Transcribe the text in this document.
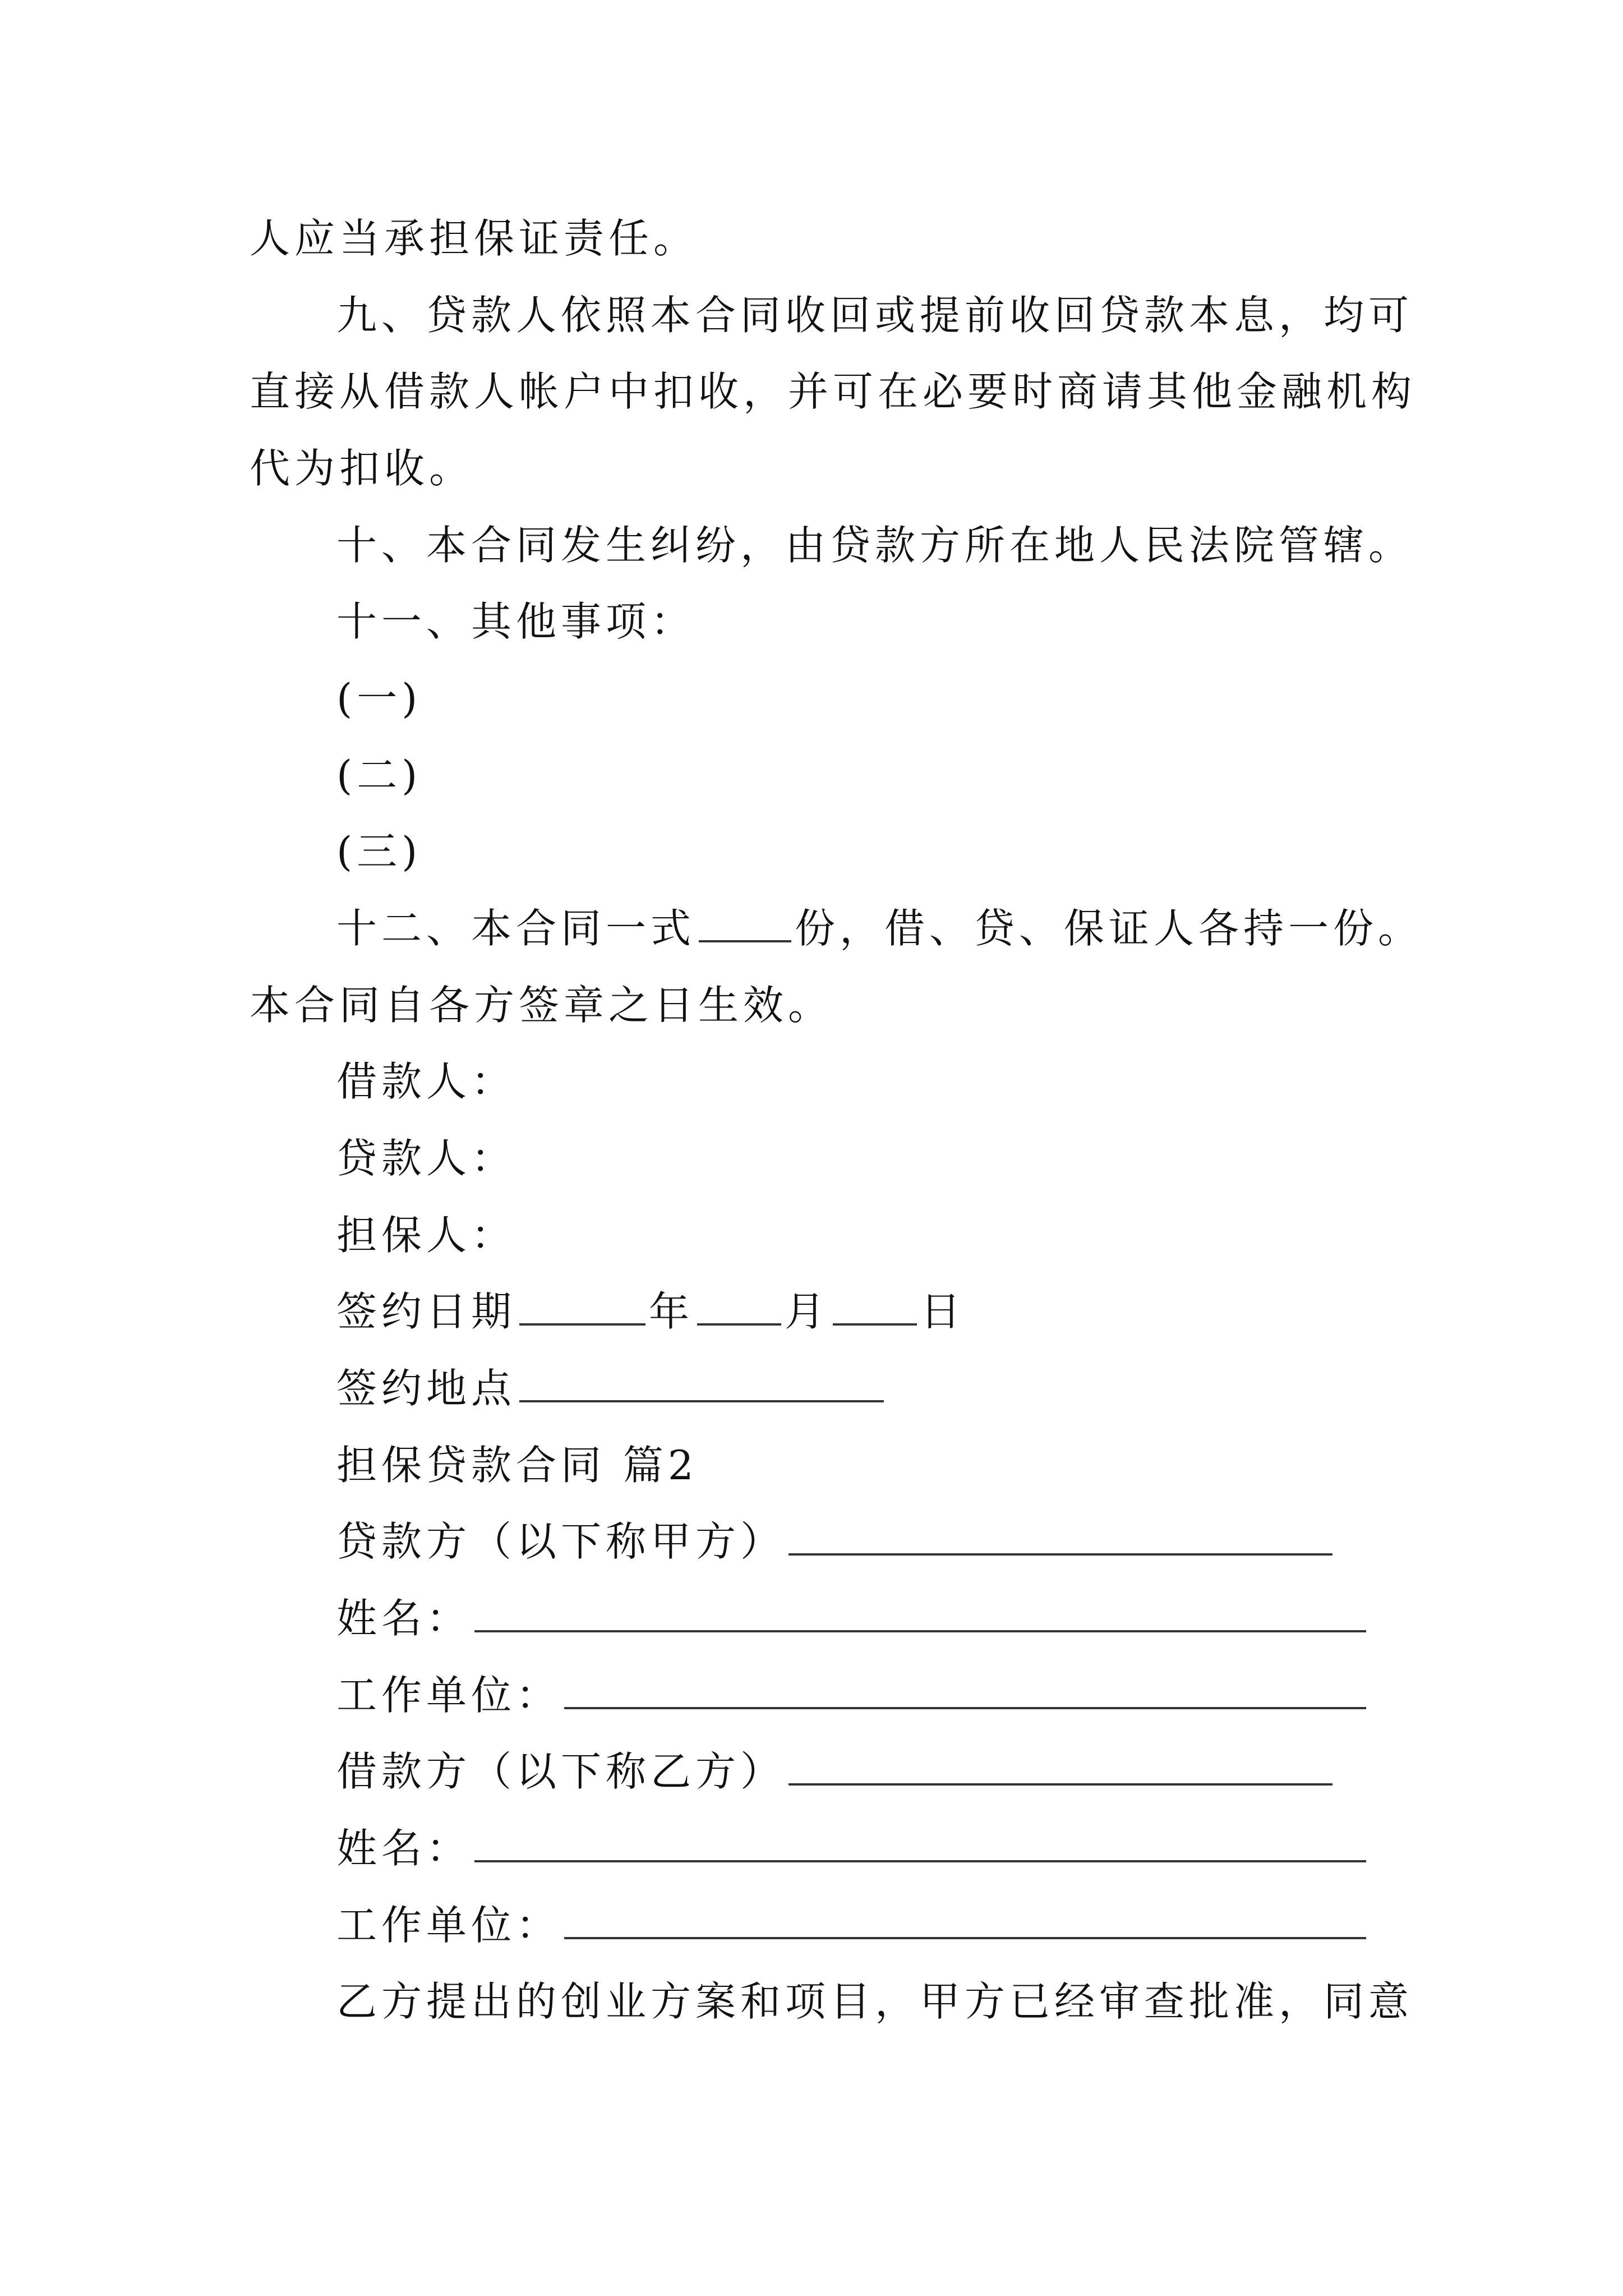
人应当承担保证责任。
九、贷款人依照本合同收回或提前收回贷款本息，均可
直接从借款人帐户中扣收，并可在必要时商请其他金融机构
代为扣收。
十、本合同发生纠纷，由贷款方所在地人民法院管辖。
十一、其他事项：
(一)
(二)
(三)
十二、本合同一式 份，借、贷、保证人各持一份。
本合同自各方签章之日生效。
借款人：
贷款人：
担保人：
签约日期	年 月 日
签约地点
担保贷款合同 篇2
贷款方（以下称甲方）
姓名：
工作单位：
借款方（以下称乙方）
姓名：
工作单位：
乙方提出的创业方案和项目，甲方已经审查批准，同意
